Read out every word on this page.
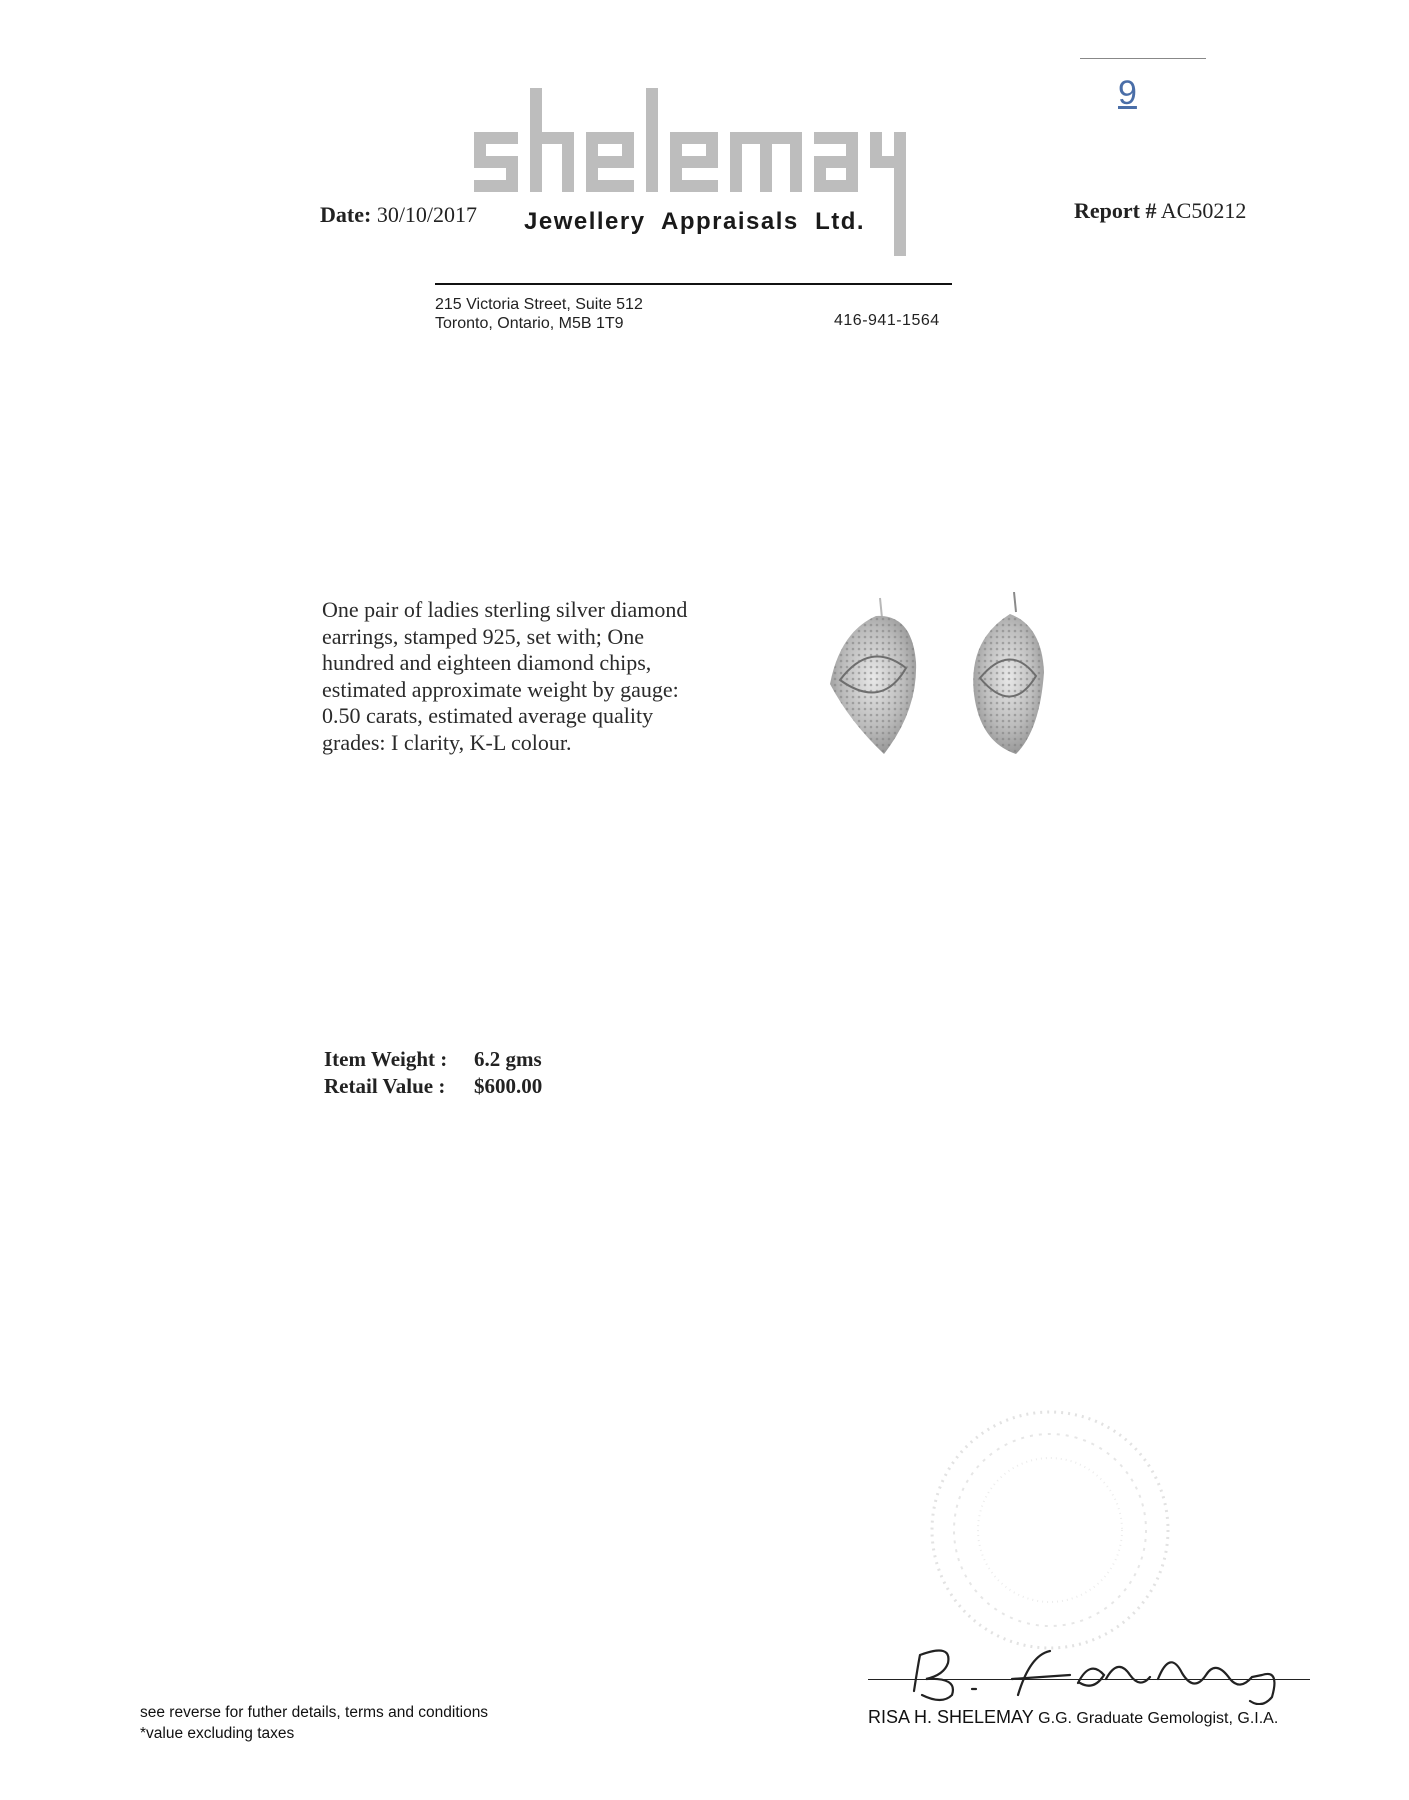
9
Date: 30/10/2017 Jewellery  Appraisals  Ltd.	Report # AC50212
215 Victoria Street, Suite 512
Toronto, Ontario, M5B 1T9	416-941-1564
One pair of ladies sterling silver diamond
earrings, stamped 925, set with; One
hundred and eighteen diamond chips,
estimated approximate weight by gauge:
0.50 carats, estimated average quality
grades: I clarity, K-L colour.
Item Weight : 6.2 gms
Retail Value : $600.00
RISA H. SHELEMAY G.G. Graduate Gemologist, G.I.A.
see reverse for futher details, terms and conditions
*value excluding taxes
